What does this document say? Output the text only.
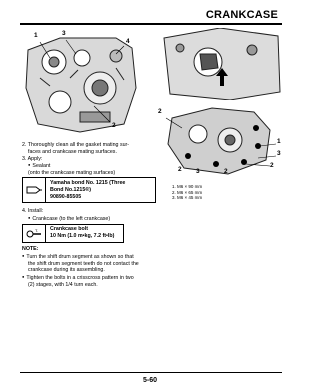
CRANKCASE
1	3
4
2
2
1
3
2
2 3	2

1. M6 × 90 mm

2. M6 × 65 mm

3. M6 × 45 mm

2. Thoroughly clean all the gasket mating sur-

faces and crankcase mating surfaces.

3. Apply:

● Sealant

(onto the crankcase mating surfaces)

Yamaha bond No. 1215 (Three
Bond No.1215®)
90890-85505

4. Install:

● Crankcase (to the left crankcase)

T. Crankcase bolt
10 Nm (1.0 m•kg, 7.2 ft•lb)

NOTE:

● Turn the shift drum segment as shown so that

the shift drum segment teeth do not contact the

crankcase during its assembling.

● Tighten the bolts in a crisscross pattern in two

(2) stages, with 1/4 turn each.

5-60
